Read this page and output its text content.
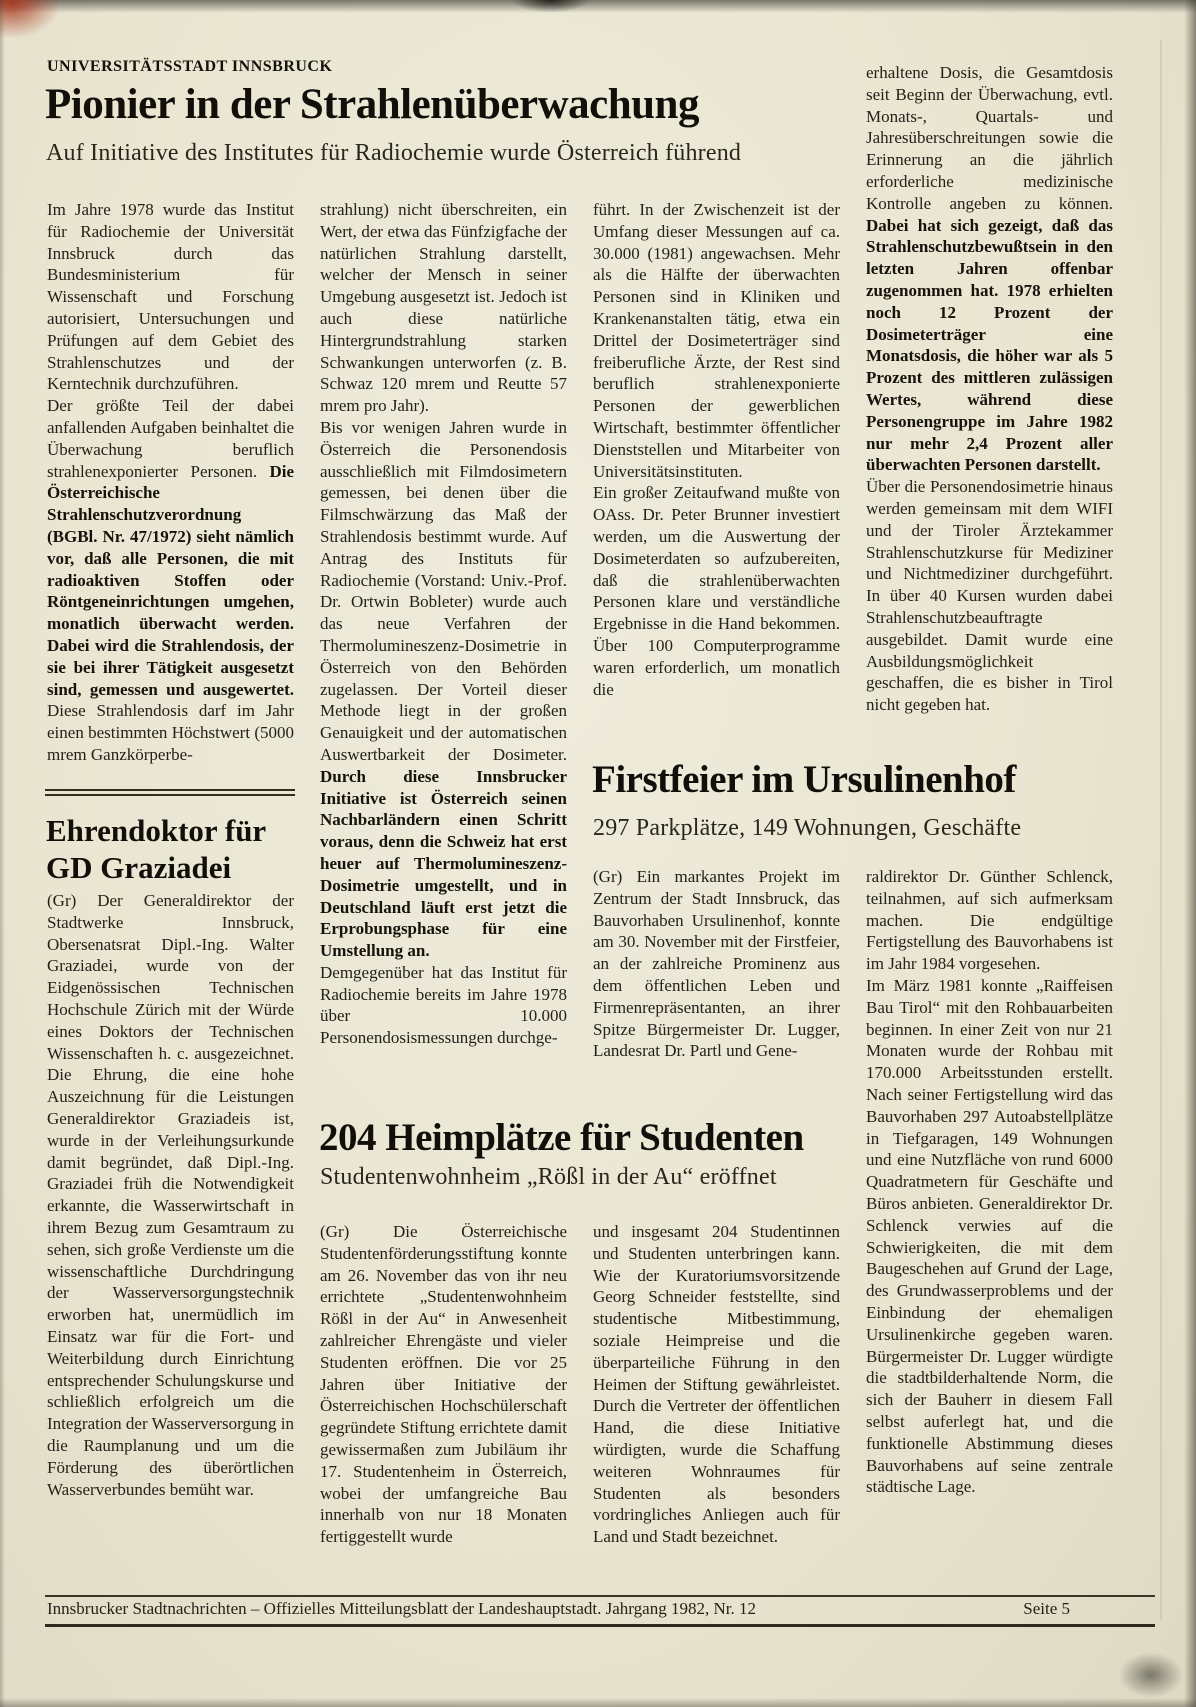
UNIVERSITÄTSSTADT INNSBRUCK
Pionier in der Strahlenüberwachung
Auf Initiative des Institutes für Radiochemie wurde Österreich führend

Im Jahre 1978 wurde das Institut für Radiochemie der Universität Innsbruck durch das Bundesministerium für Wissenschaft und Forschung autorisiert, Untersuchungen und Prüfungen auf dem Gebiet des Strahlenschutzes und der Kerntechnik durchzuführen.

Der größte Teil der dabei anfallenden Aufgaben beinhaltet die Überwachung beruflich strahlenexponierter Personen. Die Österreichische Strahlenschutzverordnung (BGBl. Nr. 47/1972) sieht nämlich vor, daß alle Personen, die mit radioaktiven Stoffen oder Röntgeneinrichtungen umgehen, monatlich überwacht werden. Dabei wird die Strahlendosis, der sie bei ihrer Tätigkeit ausgesetzt sind, gemessen und ausgewertet. Diese Strahlendosis darf im Jahr einen bestimmten Höchstwert (5000 mrem Ganzkörperbe-

strahlung) nicht überschreiten, ein Wert, der etwa das Fünfzigfache der natürlichen Strahlung darstellt, welcher der Mensch in seiner Umgebung ausgesetzt ist. Jedoch ist auch diese natürliche Hintergrundstrahlung starken Schwankungen unterworfen (z. B. Schwaz 120 mrem und Reutte 57 mrem pro Jahr).

Bis vor wenigen Jahren wurde in Österreich die Personendosis ausschließlich mit Filmdosimetern gemessen, bei denen über die Filmschwärzung das Maß der Strahlendosis bestimmt wurde. Auf Antrag des Instituts für Radiochemie (Vorstand: Univ.-Prof. Dr. Ortwin Bobleter) wurde auch das neue Verfahren der Thermolumineszenz-Dosimetrie in Österreich von den Behörden zugelassen. Der Vorteil dieser Methode liegt in der großen Genauigkeit und der automatischen Auswertbarkeit der Dosimeter. Durch diese Innsbrucker Initiative ist Österreich seinen Nachbarländern einen Schritt voraus, denn die Schweiz hat erst heuer auf Thermolumineszenz-Dosimetrie umgestellt, und in Deutschland läuft erst jetzt die Erprobungsphase für eine Umstellung an.

Demgegenüber hat das Institut für Radiochemie bereits im Jahre 1978 über 10.000 Personendosismessungen durchge-

führt. In der Zwischenzeit ist der Umfang dieser Messungen auf ca. 30.000 (1981) angewachsen. Mehr als die Hälfte der überwachten Personen sind in Kliniken und Krankenanstalten tätig, etwa ein Drittel der Dosimeterträger sind freiberufliche Ärzte, der Rest sind beruflich strahlenexponierte Personen der gewerblichen Wirtschaft, bestimmter öffentlicher Dienststellen und Mitarbeiter von Universitätsinstituten.

Ein großer Zeitaufwand mußte von OAss. Dr. Peter Brunner investiert werden, um die Auswertung der Dosimeterdaten so aufzubereiten, daß die strahlenüberwachten Personen klare und verständliche Ergebnisse in die Hand bekommen. Über 100 Computerprogramme waren erforderlich, um monatlich die

erhaltene Dosis, die Gesamtdosis seit Beginn der Überwachung, evtl. Monats-, Quartals- und Jahresüberschreitungen sowie die Erinnerung an die jährlich erforderliche medizinische Kontrolle angeben zu können. Dabei hat sich gezeigt, daß das Strahlenschutzbewußtsein in den letzten Jahren offenbar zugenommen hat. 1978 erhielten noch 12 Prozent der Dosimeterträger eine Monatsdosis, die höher war als 5 Prozent des mittleren zulässigen Wertes, während diese Personengruppe im Jahre 1982 nur mehr 2,4 Prozent aller überwachten Personen darstellt.

Über die Personendosimetrie hinaus werden gemeinsam mit dem WIFI und der Tiroler Ärztekammer Strahlenschutzkurse für Mediziner und Nichtmediziner durchgeführt. In über 40 Kursen wurden dabei Strahlenschutzbeauftragte ausgebildet. Damit wurde eine Ausbildungsmöglichkeit geschaffen, die es bisher in Tirol nicht gegeben hat.

Ehrendoktor für GD Graziadei

(Gr) Der Generaldirektor der Stadtwerke Innsbruck, Obersenatsrat Dipl.-Ing. Walter Graziadei, wurde von der Eidgenössischen Technischen Hochschule Zürich mit der Würde eines Doktors der Technischen Wissenschaften h. c. ausgezeichnet. Die Ehrung, die eine hohe Auszeichnung für die Leistungen Generaldirektor Graziadeis ist, wurde in der Verleihungsurkunde damit begründet, daß Dipl.-Ing. Graziadei früh die Notwendigkeit erkannte, die Wasserwirtschaft in ihrem Bezug zum Gesamtraum zu sehen, sich große Verdienste um die wissenschaftliche Durchdringung der Wasserversorgungstechnik erworben hat, unermüdlich im Einsatz war für die Fort- und Weiterbildung durch Einrichtung entsprechender Schulungskurse und schließlich erfolgreich um die Integration der Wasserversorgung in die Raumplanung und um die Förderung des überörtlichen Wasserverbundes bemüht war.

Firstfeier im Ursulinenhof
297 Parkplätze, 149 Wohnungen, Geschäfte

(Gr) Ein markantes Projekt im Zentrum der Stadt Innsbruck, das Bauvorhaben Ursulinenhof, konnte am 30. November mit der Firstfeier, an der zahlreiche Prominenz aus dem öffentlichen Leben und Firmenrepräsentanten, an ihrer Spitze Bürgermeister Dr. Lugger, Landesrat Dr. Partl und Gene-

raldirektor Dr. Günther Schlenck, teilnahmen, auf sich aufmerksam machen. Die endgültige Fertigstellung des Bauvorhabens ist im Jahr 1984 vorgesehen.

Im März 1981 konnte „Raiffeisen Bau Tirol“ mit den Rohbauarbeiten beginnen. In einer Zeit von nur 21 Monaten wurde der Rohbau mit 170.000 Arbeitsstunden erstellt. Nach seiner Fertigstellung wird das Bauvorhaben 297 Autoabstellplätze in Tiefgaragen, 149 Wohnungen und eine Nutzfläche von rund 6000 Quadratmetern für Geschäfte und Büros anbieten. Generaldirektor Dr. Schlenck verwies auf die Schwierigkeiten, die mit dem Baugeschehen auf Grund der Lage, des Grundwasserproblems und der Einbindung der ehemaligen Ursulinenkirche gegeben waren. Bürgermeister Dr. Lugger würdigte die stadtbilderhaltende Norm, die sich der Bauherr in diesem Fall selbst auferlegt hat, und die funktionelle Abstimmung dieses Bauvorhabens auf seine zentrale städtische Lage.

204 Heimplätze für Studenten
Studentenwohnheim „Rößl in der Au“ eröffnet

(Gr) Die Österreichische Studentenförderungsstiftung konnte am 26. November das von ihr neu errichtete „Studentenwohnheim Rößl in der Au“ in Anwesenheit zahlreicher Ehrengäste und vieler Studenten eröffnen. Die vor 25 Jahren über Initiative der Österreichischen Hochschülerschaft gegründete Stiftung errichtete damit gewissermaßen zum Jubiläum ihr 17. Studentenheim in Österreich, wobei der umfangreiche Bau innerhalb von nur 18 Monaten fertiggestellt wurde

und insgesamt 204 Studentinnen und Studenten unterbringen kann. Wie der Kuratoriumsvorsitzende Georg Schneider feststellte, sind studentische Mitbestimmung, soziale Heimpreise und die überparteiliche Führung in den Heimen der Stiftung gewährleistet. Durch die Vertreter der öffentlichen Hand, die diese Initiative würdigten, wurde die Schaffung weiteren Wohnraumes für Studenten als besonders vordringliches Anliegen auch für Land und Stadt bezeichnet.

Innsbrucker Stadtnachrichten – Offizielles Mitteilungsblatt der Landeshauptstadt. Jahrgang 1982, Nr. 12	Seite 5
